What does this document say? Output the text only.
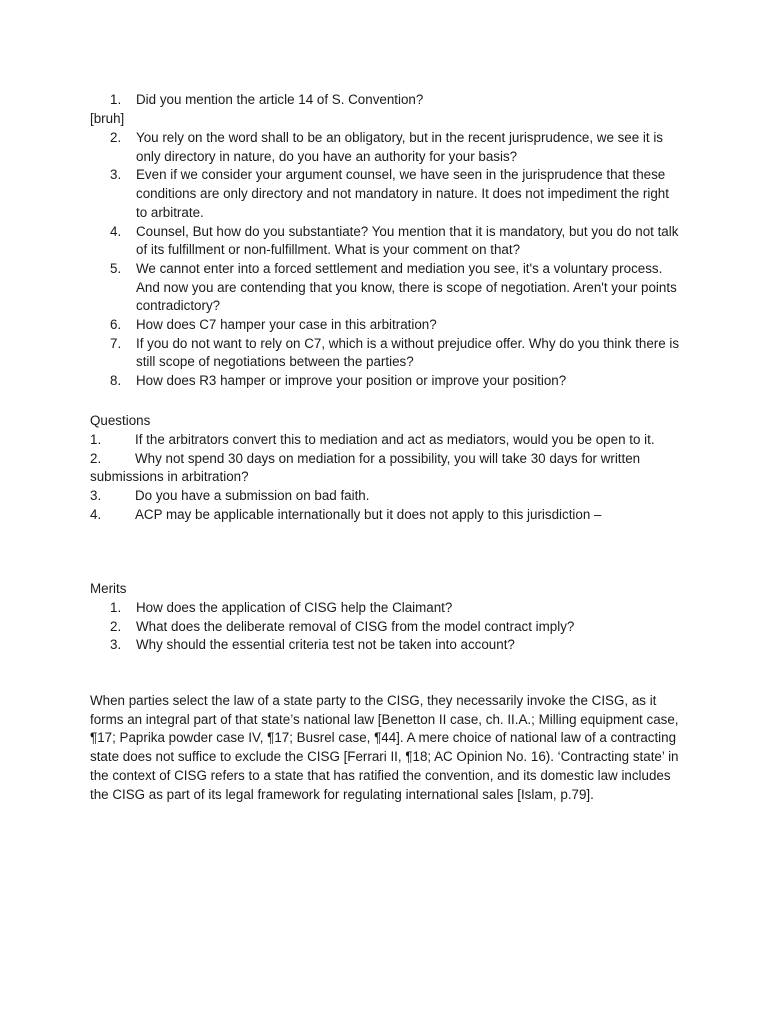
1.	Did you mention the article 14 of S. Convention?
[bruh]
2.	You rely on the word shall to be an obligatory, but in the recent jurisprudence, we see it is only directory in nature, do you have an authority for your basis?
3.	Even if we consider your argument counsel, we have seen in the jurisprudence that these conditions are only directory and not mandatory in nature. It does not impediment the right to arbitrate.
4.	Counsel, But how do you substantiate? You mention that it is mandatory, but you do not talk of its fulfillment or non-fulfillment. What is your comment on that?
5.	We cannot enter into a forced settlement and mediation you see, it's a voluntary process. And now you are contending that you know, there is scope of negotiation. Aren't your points contradictory?
6.	How does C7 hamper your case in this arbitration?
7.	If you do not want to rely on C7, which is a without prejudice offer. Why do you think there is still scope of negotiations between the parties?
8.	How does R3 hamper or improve your position or improve your position?
Questions
1.	If the arbitrators convert this to mediation and act as mediators, would you be open to it.
2.	Why not spend 30 days on mediation for a possibility, you will take 30 days for written submissions in arbitration?
3.	Do you have a submission on bad faith.
4.	ACP may be applicable internationally but it does not apply to this jurisdiction –
Merits
1.	How does the application of CISG help the Claimant?
2.	What does the deliberate removal of CISG from the model contract imply?
3.	Why should the essential criteria test not be taken into account?

When parties select the law of a state party to the CISG, they necessarily invoke the CISG, as it forms an integral part of that state’s national law [Benetton II case, ch. II.A.; Milling equipment case, ¶17; Paprika powder case IV, ¶17; Busrel case, ¶44]. A mere choice of national law of a contracting state does not suffice to exclude the CISG [Ferrari II, ¶18; AC Opinion No. 16). ‘Contracting state’ in the context of CISG refers to a state that has ratified the convention, and its domestic law includes the CISG as part of its legal framework for regulating international sales [Islam, p.79].
